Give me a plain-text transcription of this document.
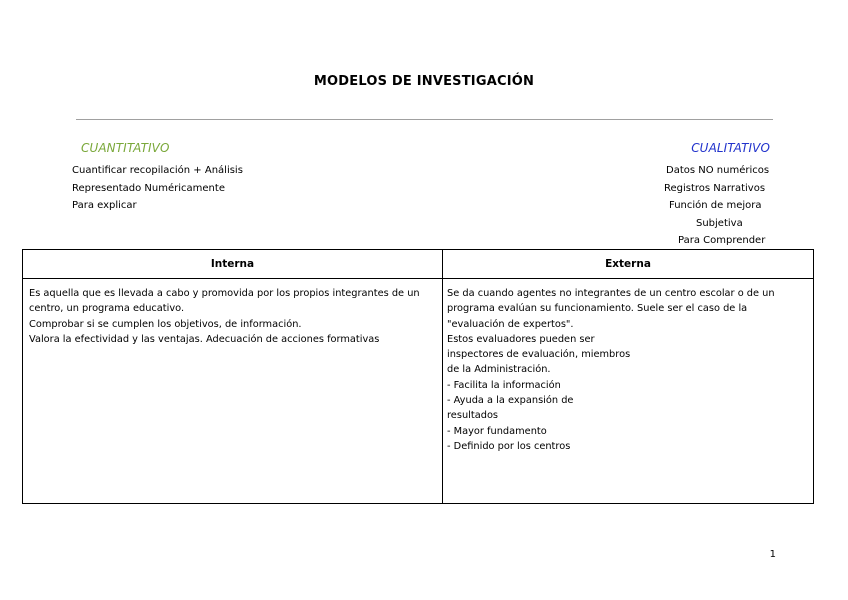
MODELOS DE INVESTIGACIÓN
CUANTITATIVO	CUALITATIVO
Cuantificar recopilación + Análisis
Representado Numéricamente
Para explicar
Datos NO numéricos
Registros Narrativos
Función de mejora
Subjetiva
Para Comprender
Interna	Externa
Es aquella que es llevada a cabo y promovida por los propios integrantes de un
centro, un programa educativo.
Comprobar si se cumplen los objetivos, de información.
Valora la efectividad y las ventajas. Adecuación de acciones formativas
Se da cuando agentes no integrantes de un centro escolar o de un
programa evalúan su funcionamiento. Suele ser el caso de la
"evaluación de expertos".
Estos evaluadores pueden ser
inspectores de evaluación, miembros
de la Administración.
- Facilita la información
- Ayuda a la expansión de
resultados
- Mayor fundamento
- Definido por los centros
1
